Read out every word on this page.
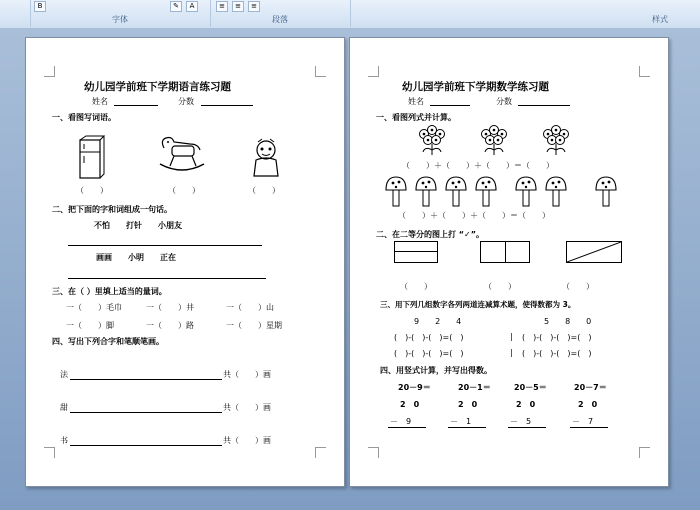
B	✎	A
字体
≡	≡	≡
段落	样式
幼儿园学前班下学期语言练习题
姓名	分数
一、看图写词语。
（　　）	（　　）	（　　）
二、把下面的字和词组成一句话。
不怕　　打针　　小朋友
画画　　小明　　正在
三、在（ ）里填上适当的量词。
一（　　）毛巾	一（　　）井	一（　　）山
一（　　）脚	一（　　）路	一（　　）星期
四、写出下列合字和笔顺笔画。
法	共（　　）画
甜	共（　　）画
书	共（　　）画
幼儿园学前班下学期数学练习题
姓名	分数
一、看图列式并计算。
（　　）＋（　　）＋（　　）＝（　　）
（　　）＋（　　）＋（　　）＝（　　）
二、在二等分的图上打 “✓”。
（　　）	（　　）	（　　）
三、用下列几组数字各列两道连减算术题，使得数都为 3。
9　　2　　4	5　　8　　0
(　)-(　)-(　)=(　)	| (　)-(　)-(　)=(　)
(　)-(　)-(　)=(　)	| (　)-(　)-(　)=(　)
四、用竖式计算，并写出得数。
20－9＝	20－1＝	20－5＝	20－7＝
2　0	2　0	2　0	2　0
－　9	－　1	－　5	－　7
